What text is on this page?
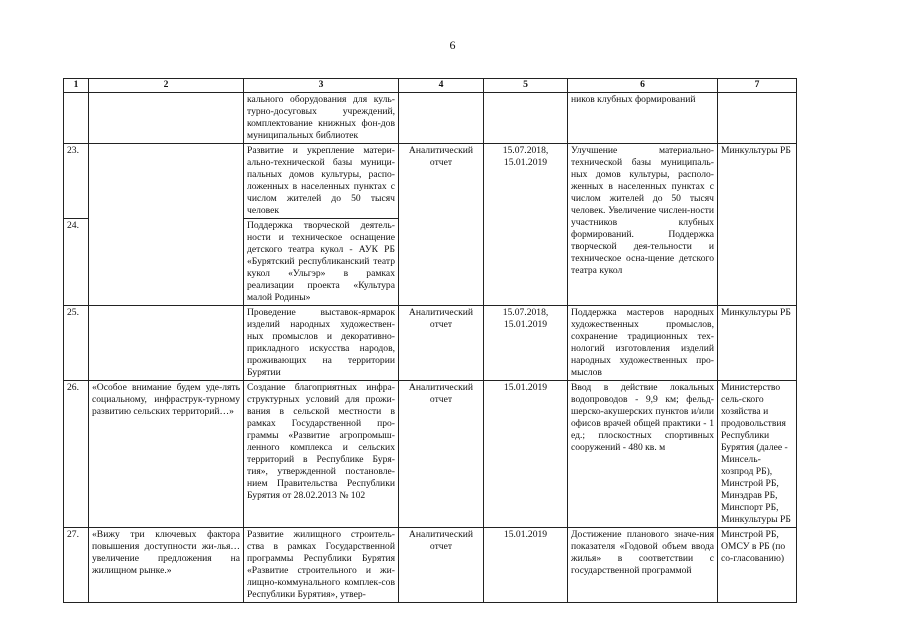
6
1	2	3	4	5	6	7
		кального оборудования для куль-турно-досуговых учреждений, комплектование книжных фон-дов муниципальных библиотек			ников клубных формирований	
23.		Развитие и укрепление матери-ально-технической базы муници-пальных домов культуры, распо-ложенных в населенных пунктах с числом жителей до 50 тысяч человек	Аналитический отчет	15.07.2018, 15.01.2019	Улучшение материально-технической базы муниципаль-ных домов культуры, располо-женных в населенных пунктах с числом жителей до 50 тысяч человек. Увеличение числен-ности участников клубных формирований. Поддержка творческой дея-тельности и техническое осна-щение детского театра кукол	Минкультуры РБ
24.		Поддержка творческой деятель-ности и техническое оснащение детского театра кукол - АУК РБ «Бурятский республиканский театр кукол «Ульгэр» в рамках реализации проекта «Культура малой Родины»				
25.		Проведение выставок-ярмарок изделий народных художествен-ных промыслов и декоративно-прикладного искусства народов, проживающих на территории Бурятии	Аналитический отчет	15.07.2018, 15.01.2019	Поддержка мастеров народных художественных промыслов, сохранение традиционных тех-нологий изготовления изделий народных художественных про-мыслов	Минкультуры РБ
26.	«Особое внимание будем уде-лять социальному, инфраструк-турному развитию сельских территорий…»	Создание благоприятных инфра-структурных условий для прожи-вания в сельской местности в рамках Государственной про-граммы «Развитие агропромыш-ленного комплекса и сельских территорий в Республике Буря-тия», утвержденной постановле-нием Правительства Республики Бурятия от 28.02.2013 № 102	Аналитический отчет	15.01.2019	Ввод в действие локальных водопроводов - 9,9 км; фельд-шерско-акушерских пунктов и/или офисов врачей общей практики - 1 ед.; плоскостных спортивных сооружений - 480 кв. м	Министерство сель-ского хозяйства и продовольствия Республики Бурятия (далее - Минсель-хозпрод РБ), Минстрой РБ, Минздрав РБ, Минспорт РБ, Минкультуры РБ
27.	«Вижу три ключевых фактора повышения доступности жи-лья… увеличение предложения на жилищном рынке.»	Развитие жилищного строитель-ства в рамках Государственной программы Республики Бурятия «Развитие строительного и жи-лищно-коммунального комплек-сов Республики Бурятия», утвер-	Аналитический отчет	15.01.2019	Достижение планового значе-ния показателя «Годовой объем ввода жилья» в соответствии с государственной программой	Минстрой РБ, ОМСУ в РБ (по со-гласованию)
